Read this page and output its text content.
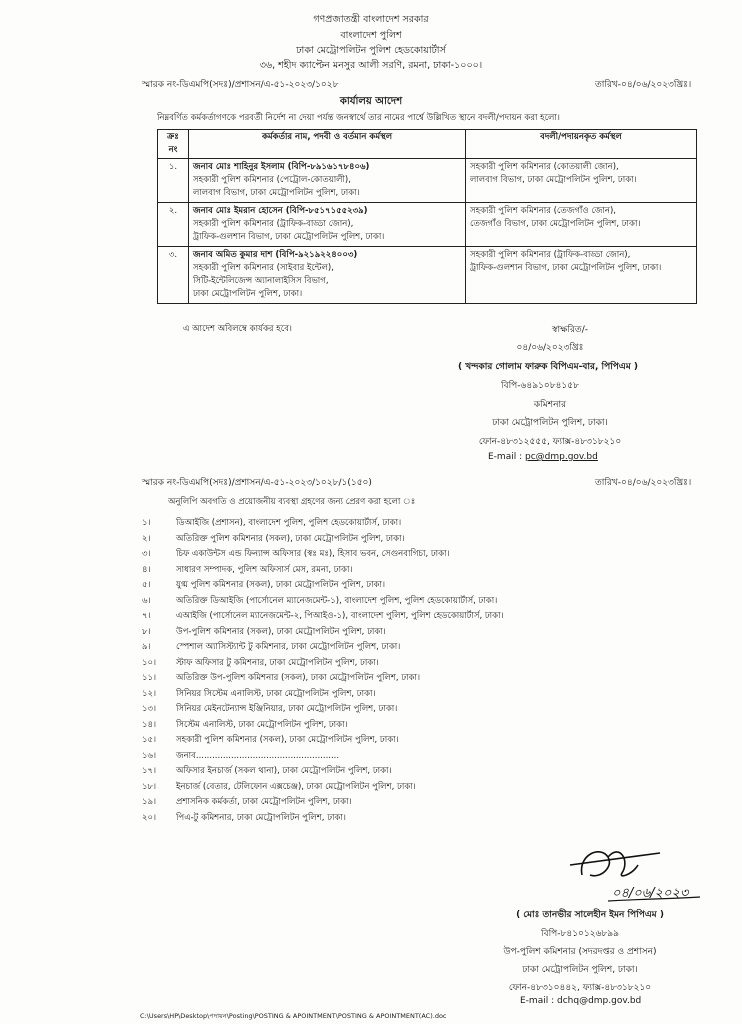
গণপ্রজাতন্ত্রী বাংলাদেশ সরকার
বাংলাদেশ পুলিশ
ঢাকা মেট্রোপলিটন পুলিশ হেডকোয়ার্টার্স
৩৬, শহীদ ক্যাপ্টেন মনসুর আলী সরণি, রমনা, ঢাকা-১০০০।
স্মারক নং-ডিএমপি(সদঃ)/প্রশাসন/এ-৫১-২০২৩/১০২৮	তারিখ-০৪/০৬/২০২৩খ্রিঃ।
কার্যালয় আদেশ
নিম্নবর্ণিত কর্মকর্তাগণকে পরবর্তী নির্দেশ না দেয়া পর্যন্ত জনস্বার্থে তার নামের পার্শ্বে উল্লিখিত স্থানে বদলী/পদায়ন করা হলো।
ক্রঃ নং	কর্মকর্তার নাম, পদবী ও বর্তমান কর্মস্থল	বদলী/পদায়নকৃত কর্মস্থল
১.	জনাব মোঃ শাহিনুর ইসলাম (বিপি-৮৯১৬১৭৮৪০৬)
সহকারী পুলিশ কমিশনার (পেট্রোল-কোতয়ালী),
লালবাগ বিভাগ, ঢাকা মেট্রোপলিটন পুলিশ, ঢাকা।	সহকারী পুলিশ কমিশনার (কোতয়ালী জোন),
লালবাগ বিভাগ, ঢাকা মেট্রোপলিটন পুলিশ, ঢাকা।

২.	জনাব মোঃ ইমরান হোসেন (বিপি-৮৫১৭১৫৫২৩৯)
সহকারী পুলিশ কমিশনার (ট্রাফিক-বাড্ডা জোন),
ট্রাফিক-গুলশান বিভাগ, ঢাকা মেট্রোপলিটন পুলিশ, ঢাকা।	সহকারী পুলিশ কমিশনার (তেজগাঁও জোন),
তেজগাঁও বিভাগ, ঢাকা মেট্রোপলিটন পুলিশ, ঢাকা।

৩.	জনাব অমিত কুমার দাশ (বিপি-৯২১৯২২৪০০৩)
সহকারী পুলিশ কমিশনার (সাইবার ইন্টেল),
সিটি-ইন্টেলিজেন্স অ্যানালাইসিস বিভাগ,
ঢাকা মেট্রোপলিটন পুলিশ, ঢাকা।	সহকারী পুলিশ কমিশনার (ট্রাফিক-বাড্ডা জোন),
ট্রাফিক-গুলশান বিভাগ, ঢাকা মেট্রোপলিটন পুলিশ, ঢাকা।
এ আদেশ অবিলম্বে কার্যকর হবে।	স্বাক্ষরিত/-
০৪/০৬/২০২৩খ্রিঃ
( খন্দকার গোলাম ফারুক বিপিএম-বার, পিপিএম )
বিপি-৬৪৯১০৮৪১৫৮
কমিশনার
ঢাকা মেট্রোপলিটন পুলিশ, ঢাকা।
ফোন-৪৮৩১২৫৫৫, ফ্যাক্স-৪৮৩১৮২১০
E-mail : pc@dmp.gov.bd
স্মারক নং-ডিএমপি(সদঃ)/প্রশাসন/এ-৫১-২০২৩/১০২৮/১(১৫০)	তারিখ-০৪/০৬/২০২৩খ্রিঃ।
অনুলিপি অবগতি ও প্রয়োজনীয় ব্যবস্থা গ্রহণের জন্য প্রেরণ করা হলো ঃ
১।	ডিআইজি (প্রশাসন), বাংলাদেশ পুলিশ, পুলিশ হেডকোয়ার্টার্স, ঢাকা।
২।	অতিরিক্ত পুলিশ কমিশনার (সকল), ঢাকা মেট্রোপলিটন পুলিশ, ঢাকা।
৩।	চিফ একাউন্টস এন্ড ফিন্যান্স অফিসার (স্বঃ মঃ), হিসাব ভবন, সেগুনবাগিচা, ঢাকা।
৪।	সাধারণ সম্পাদক, পুলিশ অফিসার্স মেস, রমনা, ঢাকা।
৫।	যুগ্ম পুলিশ কমিশনার (সকল), ঢাকা মেট্রোপলিটন পুলিশ, ঢাকা।
৬।	অতিরিক্ত ডিআইজি (পার্সোনেল ম্যানেজমেন্ট-১), বাংলাদেশ পুলিশ, পুলিশ হেডকোয়ার্টার্স, ঢাকা।
৭।	এআইজি (পার্সোনেল ম্যানেজমেন্ট-২, পিআইও-১), বাংলাদেশ পুলিশ, পুলিশ হেডকোয়ার্টার্স, ঢাকা।
৮।	উপ-পুলিশ কমিশনার (সকল), ঢাকা মেট্রোপলিটন পুলিশ, ঢাকা।
৯।	স্পেশাল অ্যাসিস্ট্যান্ট টু কমিশনার, ঢাকা মেট্রোপলিটন পুলিশ, ঢাকা।
১০। স্টাফ অফিসার টু কমিশনার, ঢাকা মেট্রোপলিটন পুলিশ, ঢাকা।
১১। অতিরিক্ত উপ-পুলিশ কমিশনার (সকল), ঢাকা মেট্রোপলিটন পুলিশ, ঢাকা।
১২। সিনিয়র সিস্টেম এনালিস্ট, ঢাকা মেট্রোপলিটন পুলিশ, ঢাকা।
১৩। সিনিয়র মেইনটেন্যান্স ইঞ্জিনিয়ার, ঢাকা মেট্রোপলিটন পুলিশ, ঢাকা।
১৪। সিস্টেম এনালিস্ট, ঢাকা মেট্রোপলিটন পুলিশ, ঢাকা।
১৫। সহকারী পুলিশ কমিশনার (সকল), ঢাকা মেট্রোপলিটন পুলিশ, ঢাকা।
১৬। জনাব.....................................................
১৭। অফিসার ইনচার্জ (সকল থানা), ঢাকা মেট্রোপলিটন পুলিশ, ঢাকা।
১৮। ইনচার্জ (বেতার, টেলিফোন এক্সচেঞ্জ), ঢাকা মেট্রোপলিটন পুলিশ, ঢাকা।
১৯। প্রশাসনিক কর্মকর্তা, ঢাকা মেট্রোপলিটন পুলিশ, ঢাকা।
২০। পিএ-টু কমিশনার, ঢাকা মেট্রোপলিটন পুলিশ, ঢাকা।
০৪/০৬/২০২৩
( মোঃ তানভীর সালেহীন ইমন পিপিএম )
বিপি-৮৪১০১২৬৮৯৯
উপ-পুলিশ কমিশনার (সদরদপ্তর ও প্রশাসন)
ঢাকা মেট্রোপলিটন পুলিশ, ঢাকা।
ফোন-৪৮৩১০৪৪২, ফ্যাক্স-৪৮৩১৮২১০
E-mail : dchq@dmp.gov.bd
C:\Users\HP\Desktop\পদায়ন\Posting\POSTING & APOINTMENT\POSTING & APOINTMENT(AC).doc
